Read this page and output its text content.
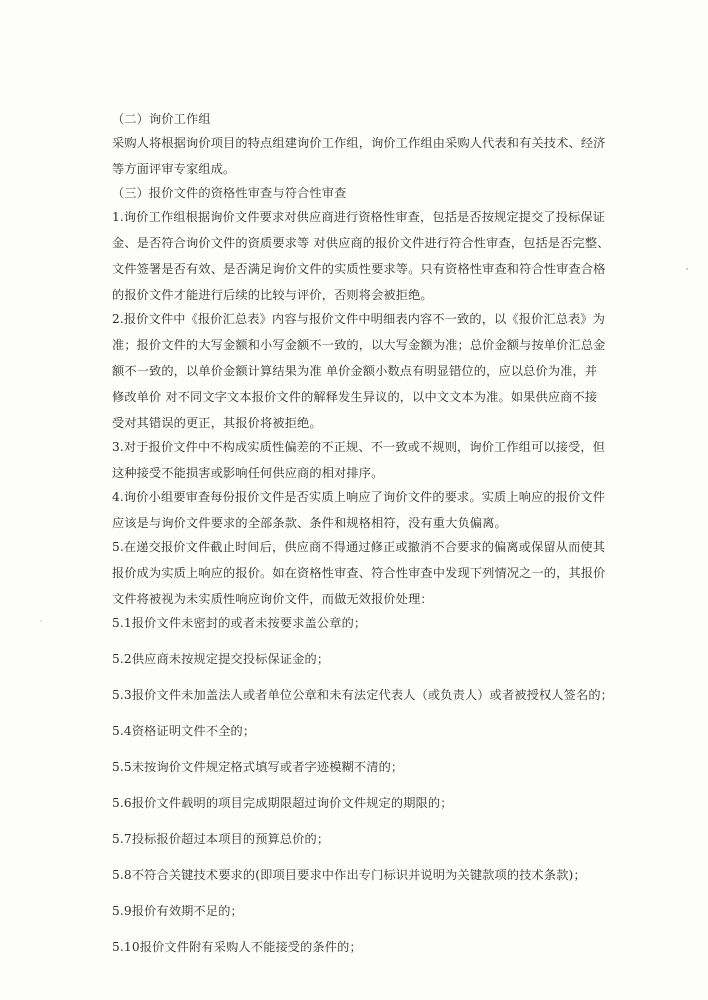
（二）询价工作组
采购人将根据询价项目的特点组建询价工作组，询价工作组由采购人代表和有关技术、经济
等方面评审专家组成。
（三）报价文件的资格性审查与符合性审查
1.询价工作组根据询价文件要求对供应商进行资格性审查，包括是否按规定提交了投标保证
金、是否符合询价文件的资质要求等 对供应商的报价文件进行符合性审查，包括是否完整、
文件签署是否有效、是否满足询价文件的实质性要求等。只有资格性审查和符合性审查合格
的报价文件才能进行后续的比较与评价，否则将会被拒绝。
2.报价文件中《报价汇总表》内容与报价文件中明细表内容不一致的，以《报价汇总表》为
准；报价文件的大写金额和小写金额不一致的，以大写金额为准；总价金额与按单价汇总金
额不一致的，以单价金额计算结果为准 单价金额小数点有明显错位的，应以总价为准，并
修改单价 对不同文字文本报价文件的解释发生异议的，以中文文本为准。如果供应商不接
受对其错误的更正，其报价将被拒绝。
3.对于报价文件中不构成实质性偏差的不正规、不一致或不规则，询价工作组可以接受，但
这种接受不能损害或影响任何供应商的相对排序。
4.询价小组要审查每份报价文件是否实质上响应了询价文件的要求。实质上响应的报价文件
应该是与询价文件要求的全部条款、条件和规格相符，没有重大负偏离。
5.在递交报价文件截止时间后，供应商不得通过修正或撤消不合要求的偏离或保留从而使其
报价成为实质上响应的报价。如在资格性审查、符合性审查中发现下列情况之一的，其报价
文件将被视为未实质性响应询价文件，而做无效报价处理：
5.1报价文件未密封的或者未按要求盖公章的；
5.2供应商未按规定提交投标保证金的；
5.3报价文件未加盖法人或者单位公章和未有法定代表人（或负责人）或者被授权人签名的；
5.4资格证明文件不全的；
5.5未按询价文件规定格式填写或者字迹模糊不清的；
5.6报价文件载明的项目完成期限超过询价文件规定的期限的；
5.7投标报价超过本项目的预算总价的；
5.8不符合关键技术要求的(即项目要求中作出专门标识并说明为关键款项的技术条款)；
5.9报价有效期不足的；
5.10报价文件附有采购人不能接受的条件的；
